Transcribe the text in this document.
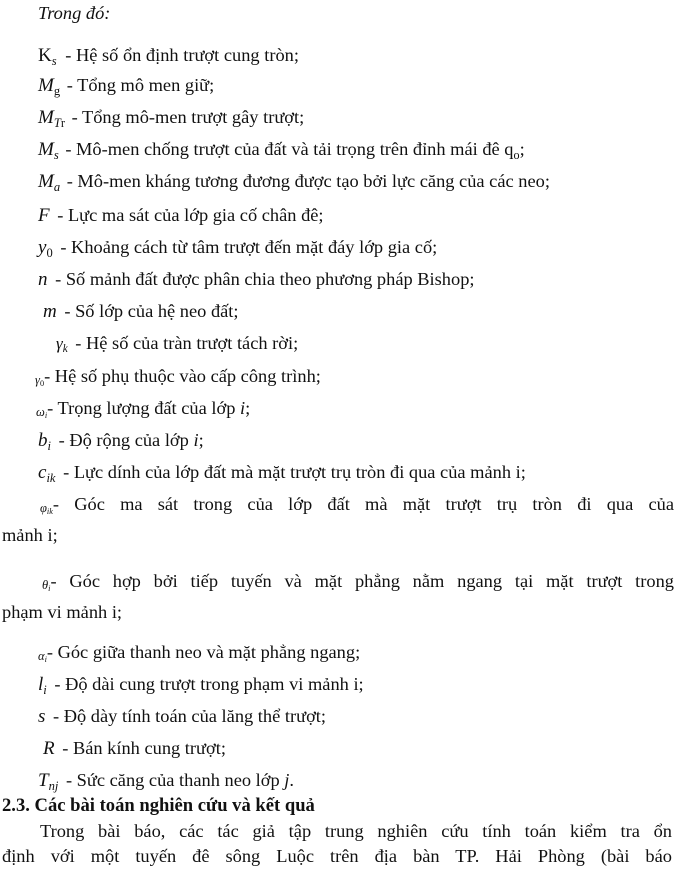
Trong đó:
$K_s$ - Hệ số ổn định trượt cung tròn;
$M_g$ - Tổng mô men giữ;
$M_{Tr}$ - Tổng mô-men trượt gây trượt;
$M_s$ - Mô-men chống trượt của đất và tải trọng trên đỉnh mái đê $q_o$;
$M_a$ - Mô-men kháng tương đương được tạo bởi lực căng của các neo;
F - Lực ma sát của lớp gia cố chân đê;
$y_0$ - Khoảng cách từ tâm trượt đến mặt đáy lớp gia cố;
n - Số mảnh đất được phân chia theo phương pháp Bishop;
m - Số lớp của hệ neo đất;
$\gamma_k$ - Hệ số của tràn trượt tách rời;
$\gamma_0-$ Hệ số phụ thuộc vào cấp công trình;
$\omega_i-$ Trọng lượng đất của lớp i;
$b_i$ - Độ rộng của lớp i;
$c_{ik}$ - Lực dính của lớp đất mà mặt trượt trụ tròn đi qua của mảnh i;
$\varphi_{ik}-$ Góc ma sát trong của lớp đất mà mặt trượt trụ tròn đi qua của
mảnh i;
$\theta_i-$ Góc hợp bởi tiếp tuyến và mặt phẳng nằm ngang tại mặt trượt trong
phạm vi mảnh i;
$\alpha_i-$ Góc giữa thanh neo và mặt phẳng ngang;
$l_i$ - Độ dài cung trượt trong phạm vi mảnh i;
s - Độ dày tính toán của lăng thể trượt;
R - Bán kính cung trượt;
$T_{nj}$ - Sức căng của thanh neo lớp j.
2.3. Các bài toán nghiên cứu và kết quả
Trong bài báo, các tác giả tập trung nghiên cứu tính toán kiểm tra ổn
định với một tuyến đê sông Luộc trên địa bàn TP. Hải Phòng (bài báo
